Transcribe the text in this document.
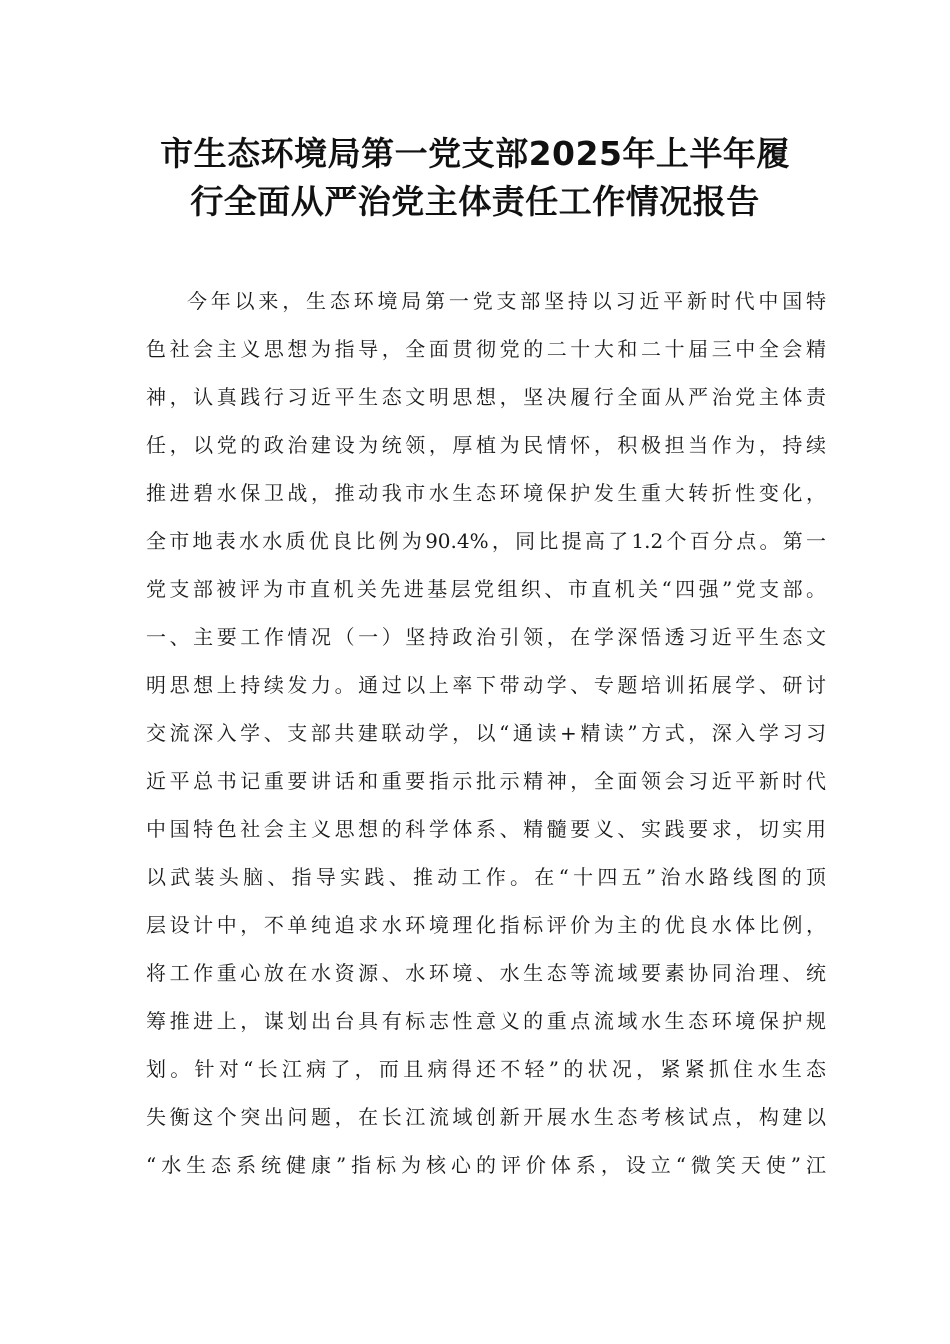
市生态环境局第一党支部2025年上半年履
行全面从严治党主体责任工作情况报告
今年以来，生态环境局第一党支部坚持以习近平新时代中国特
色社会主义思想为指导，全面贯彻党的二十大和二十届三中全会精
神，认真践行习近平生态文明思想，坚决履行全面从严治党主体责
任，以党的政治建设为统领，厚植为民情怀，积极担当作为，持续
推进碧水保卫战，推动我市水生态环境保护发生重大转折性变化，
全市地表水水质优良比例为90.4%，同比提高了1.2个百分点。第一
党支部被评为市直机关先进基层党组织、市直机关“四强”党支部。
一、主要工作情况（一）坚持政治引领，在学深悟透习近平生态文
明思想上持续发力。通过以上率下带动学、专题培训拓展学、研讨
交流深入学、支部共建联动学，以“通读+精读”方式，深入学习习
近平总书记重要讲话和重要指示批示精神，全面领会习近平新时代
中国特色社会主义思想的科学体系、精髓要义、实践要求，切实用
以武装头脑、指导实践、推动工作。在“十四五”治水路线图的顶
层设计中，不单纯追求水环境理化指标评价为主的优良水体比例，
将工作重心放在水资源、水环境、水生态等流域要素协同治理、统
筹推进上，谋划出台具有标志性意义的重点流域水生态环境保护规
划。针对“长江病了，而且病得还不轻”的状况，紧紧抓住水生态
失衡这个突出问题，在长江流域创新开展水生态考核试点，构建以
“水生态系统健康”指标为核心的评价体系，设立“微笑天使”江
